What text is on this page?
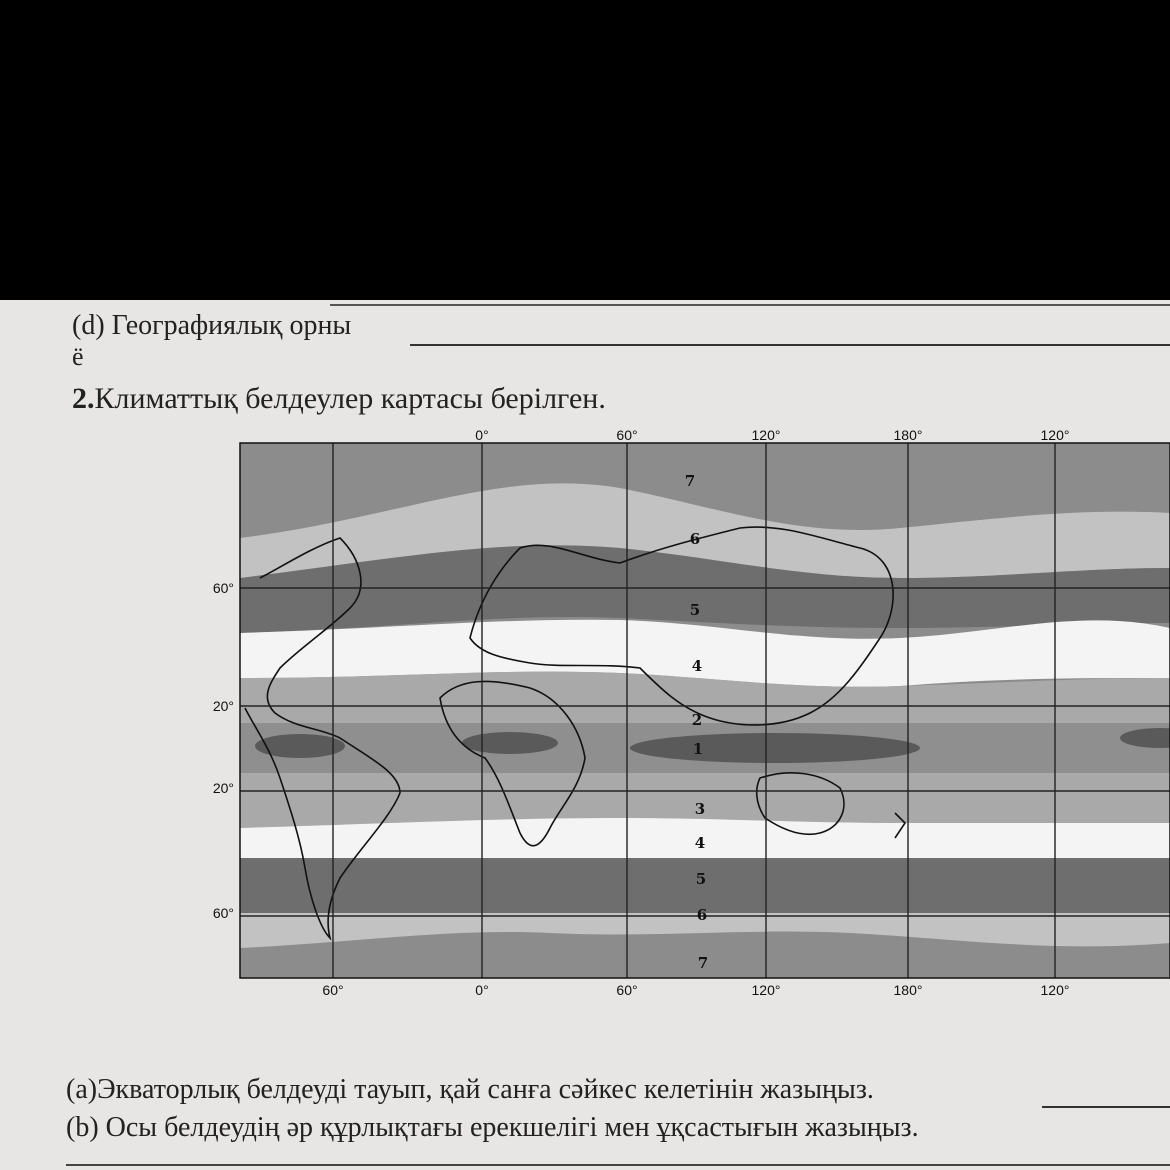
(d) Географиялық орны
ё
2.Климаттық белдеулер картасы берілген.
0°	60°	120°	180°	120°
60°	0°	60°	120°	180°	120°
60°
20°
20°
60°
7
6
5
4
2
1
3
4
5
6
7
(а)Экваторлық белдеуді тауып, қай санға сәйкес келетінін жазыңыз.
(b) Осы белдеудің әр құрлықтағы ерекшелігі мен ұқсастығын жазыңыз.
